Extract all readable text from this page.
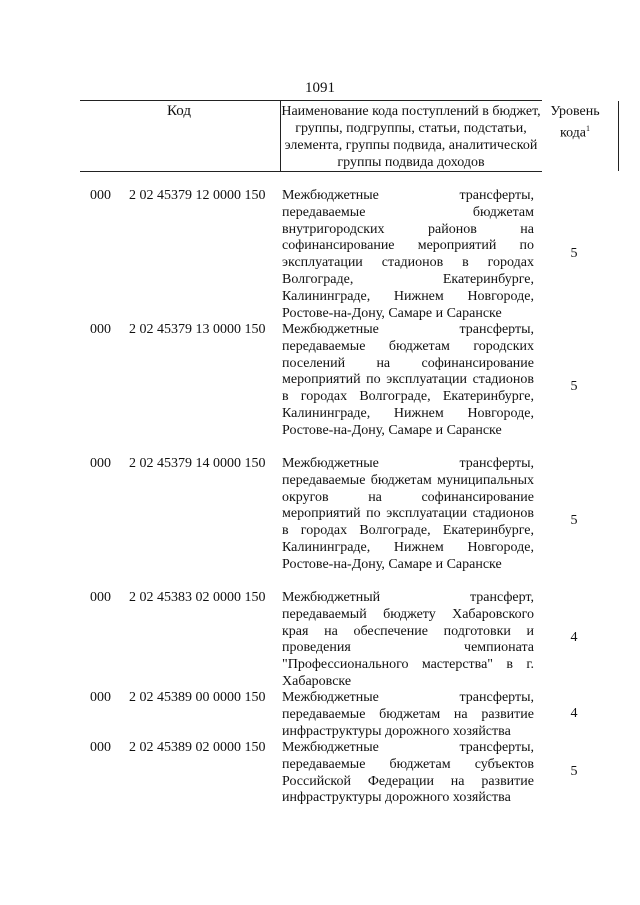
1091
Код	Наименование кода поступлений в бюджет, группы, подгруппы, статьи, подстатьи, элемента, группы подвида, аналитической группы подвида доходов
Уровень кода$^1$
000 2 02 45379 12 0000 150 Межбюджетные трансферты, передаваемые бюджетам внутригородских районов на софинансирование мероприятий по эксплуатации стадионов в городах Волгограде, Екатеринбурге, Калининграде, Нижнем Новгороде, Ростове-на-Дону, Самаре и Саранске
5
000 2 02 45379 13 0000 150 Межбюджетные трансферты, передаваемые бюджетам городских поселений на софинансирование мероприятий по эксплуатации стадионов в городах Волгограде, Екатеринбурге, Калининграде, Нижнем Новгороде, Ростове-на-Дону, Самаре и Саранске
5
000 2 02 45379 14 0000 150 Межбюджетные трансферты, передаваемые бюджетам муниципальных округов на софинансирование мероприятий по эксплуатации стадионов в городах Волгограде, Екатеринбурге, Калининграде, Нижнем Новгороде, Ростове-на-Дону, Самаре и Саранске
5
000 2 02 45383 02 0000 150 Межбюджетный трансферт, передаваемый бюджету Хабаровского края на обеспечение подготовки и проведения чемпионата "Профессионального мастерства" в г. Хабаровске
4
000 2 02 45389 00 0000 150 Межбюджетные трансферты, передаваемые бюджетам на развитие инфраструктуры дорожного хозяйства
4
000 2 02 45389 02 0000 150 Межбюджетные трансферты, передаваемые бюджетам субъектов Российской Федерации на развитие инфраструктуры дорожного хозяйства
5
